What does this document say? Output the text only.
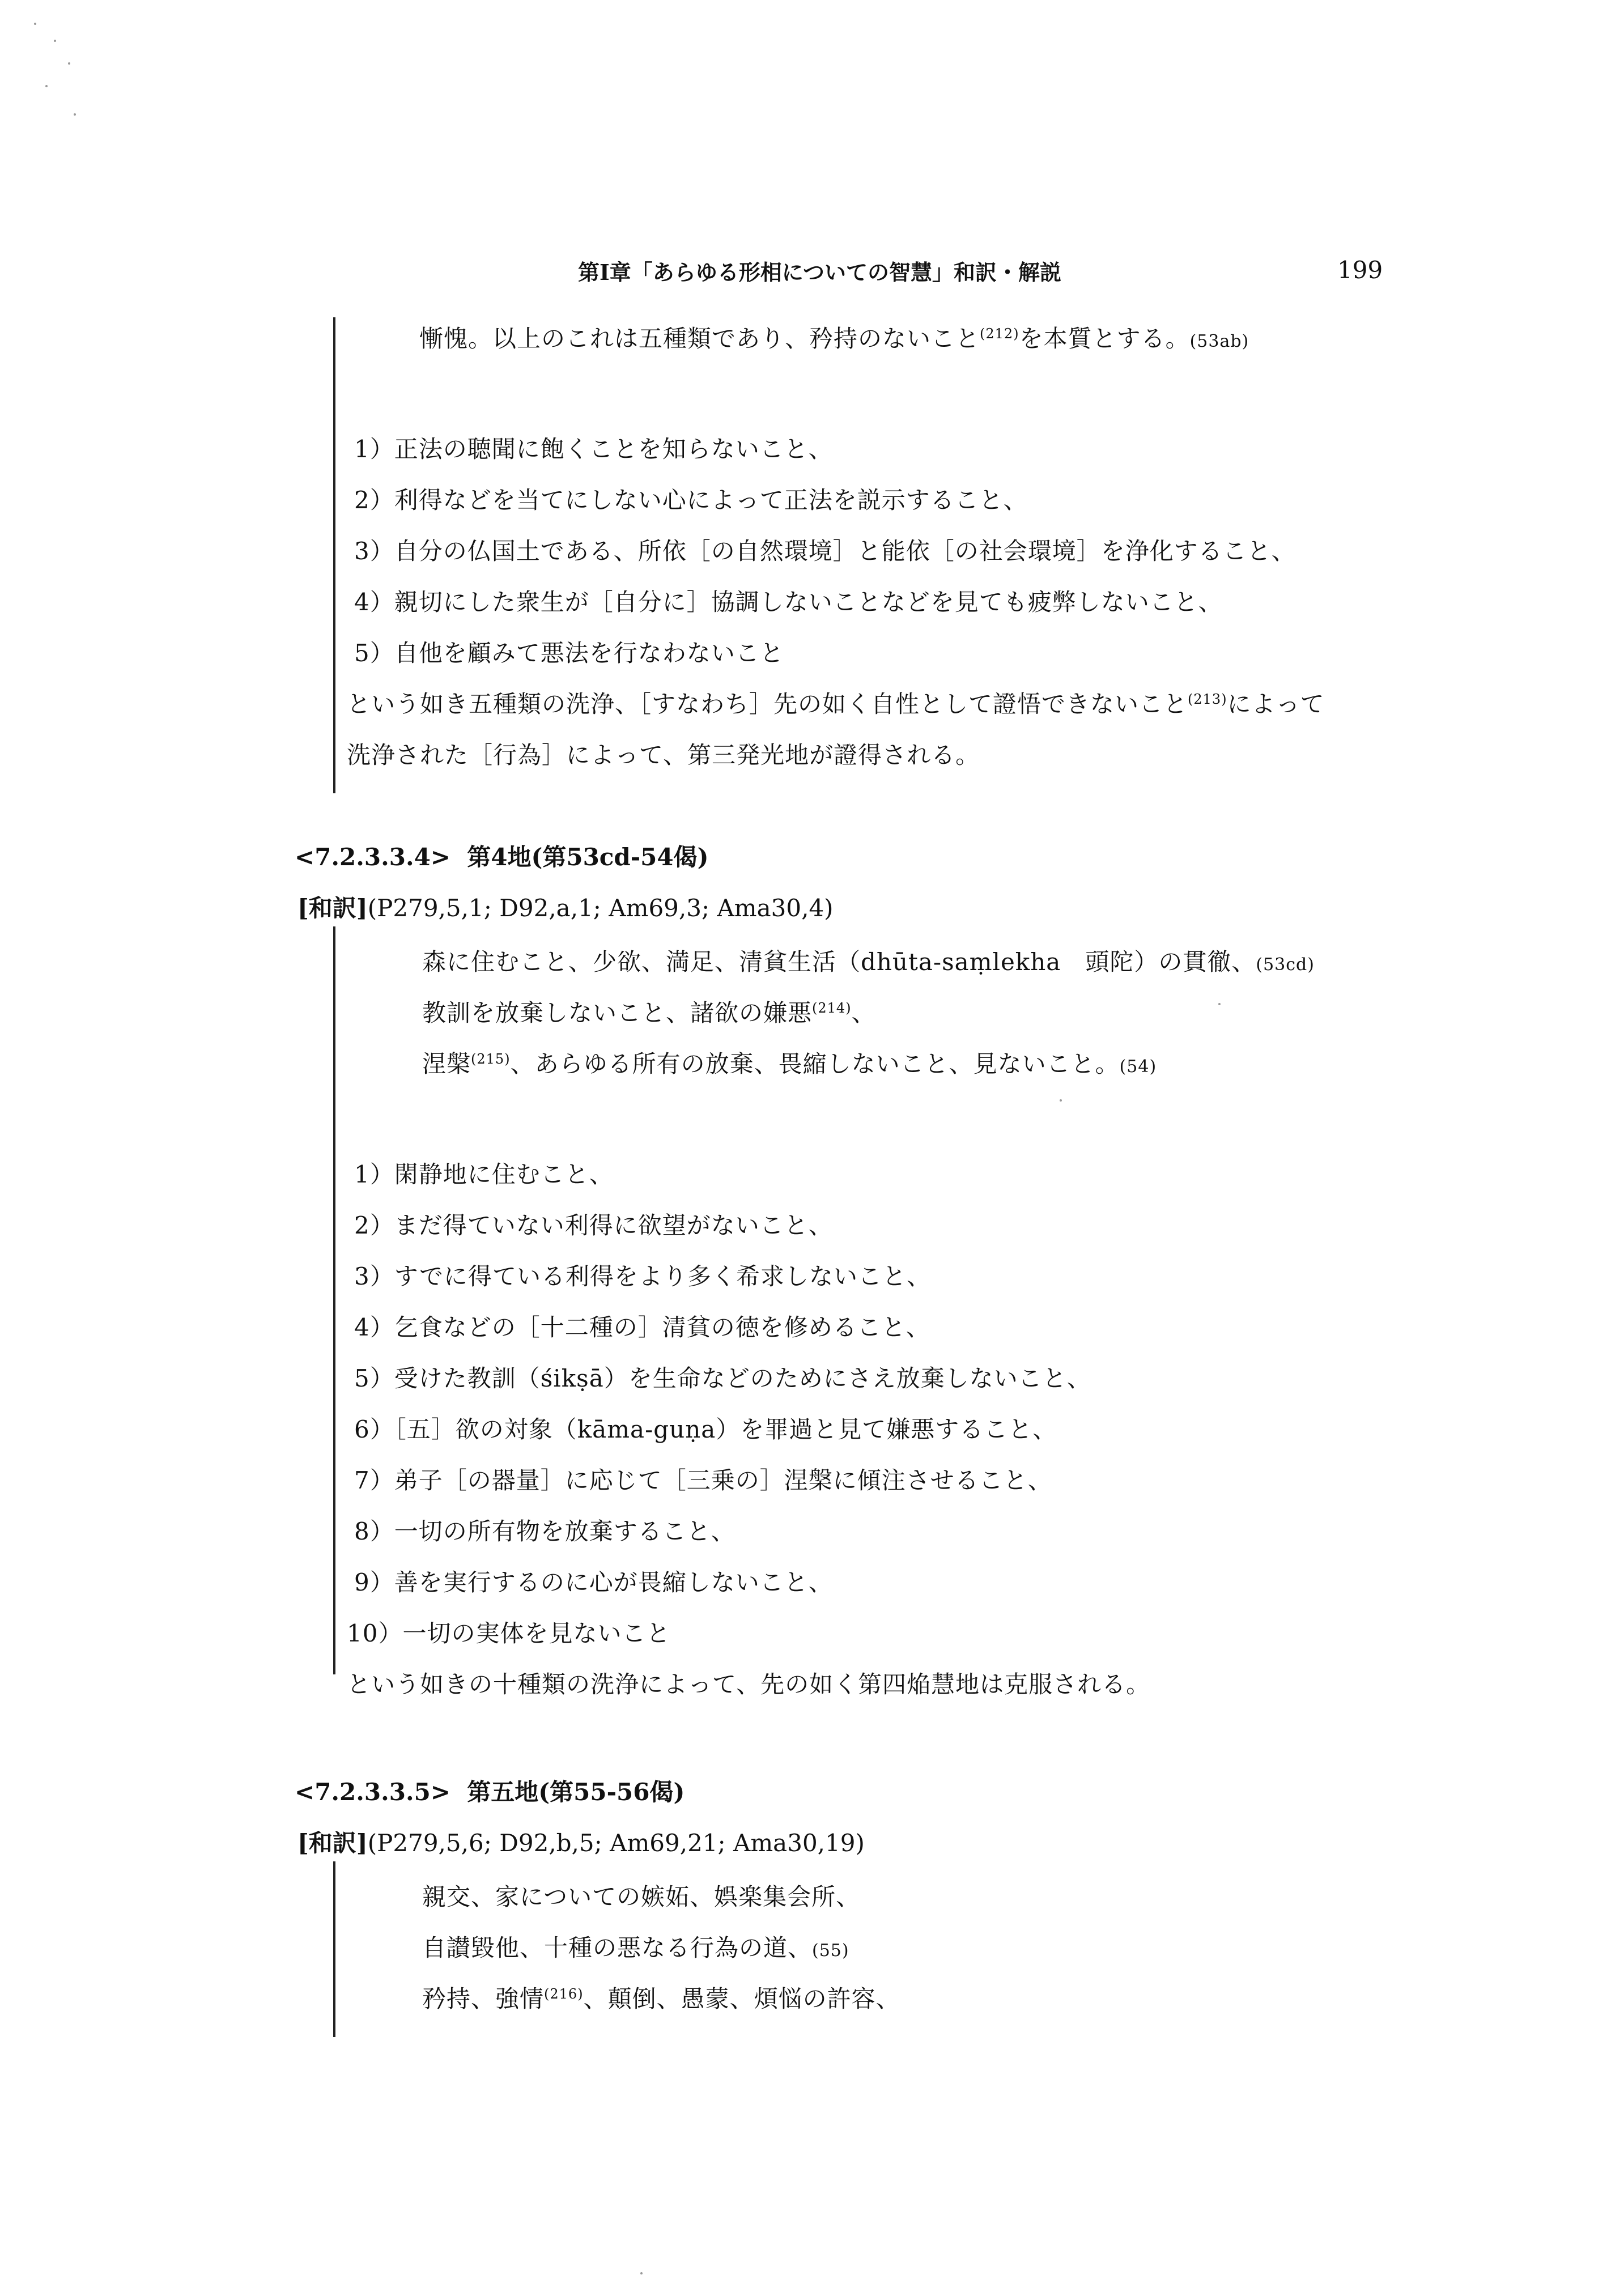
第Ⅰ章「あらゆる形相についての智慧」和訳・解説	199
慚愧。以上のこれは五種類であり、矜持のないこと$^{(212)}$を本質とする。(53ab)
1）正法の聴聞に飽くことを知らないこと、
2）利得などを当てにしない心によって正法を説示すること、
3）自分の仏国土である、所依［の自然環境］と能依［の社会環境］を浄化すること、
4）親切にした衆生が［自分に］協調しないことなどを見ても疲弊しないこと、
5）自他を顧みて悪法を行なわないこと
という如き五種類の洗浄、［すなわち］先の如く自性として證悟できないこと$^{(213)}$によって
洗浄された［行為］によって、第三発光地が證得される。
<7.2.3.3.4> 第4地(第53cd-54偈)
[和訳](P279,5,1; D92,a,1; Am69,3; Ama30,4)
森に住むこと、少欲、満足、清貧生活（dhūta-saṃlekha　頭陀）の貫徹、(53cd)
教訓を放棄しないこと、諸欲の嫌悪$^{(214)}$、
涅槃$^{(215)}$、あらゆる所有の放棄、畏縮しないこと、見ないこと。(54)
1）閑静地に住むこと、
2）まだ得ていない利得に欲望がないこと、
3）すでに得ている利得をより多く希求しないこと、
4）乞食などの［十二種の］清貧の徳を修めること、
5）受けた教訓（śikṣā）を生命などのためにさえ放棄しないこと、
6）［五］欲の対象（kāma-guṇa）を罪過と見て嫌悪すること、
7）弟子［の器量］に応じて［三乗の］涅槃に傾注させること、
8）一切の所有物を放棄すること、
9）善を実行するのに心が畏縮しないこと、
10）一切の実体を見ないこと
という如きの十種類の洗浄によって、先の如く第四焔慧地は克服される。
<7.2.3.3.5> 第五地(第55-56偈)
[和訳](P279,5,6; D92,b,5; Am69,21; Ama30,19)
親交、家についての嫉妬、娯楽集会所、
自讃毀他、十種の悪なる行為の道、(55)
矜持、強情$^{(216)}$、顛倒、愚蒙、煩悩の許容、
